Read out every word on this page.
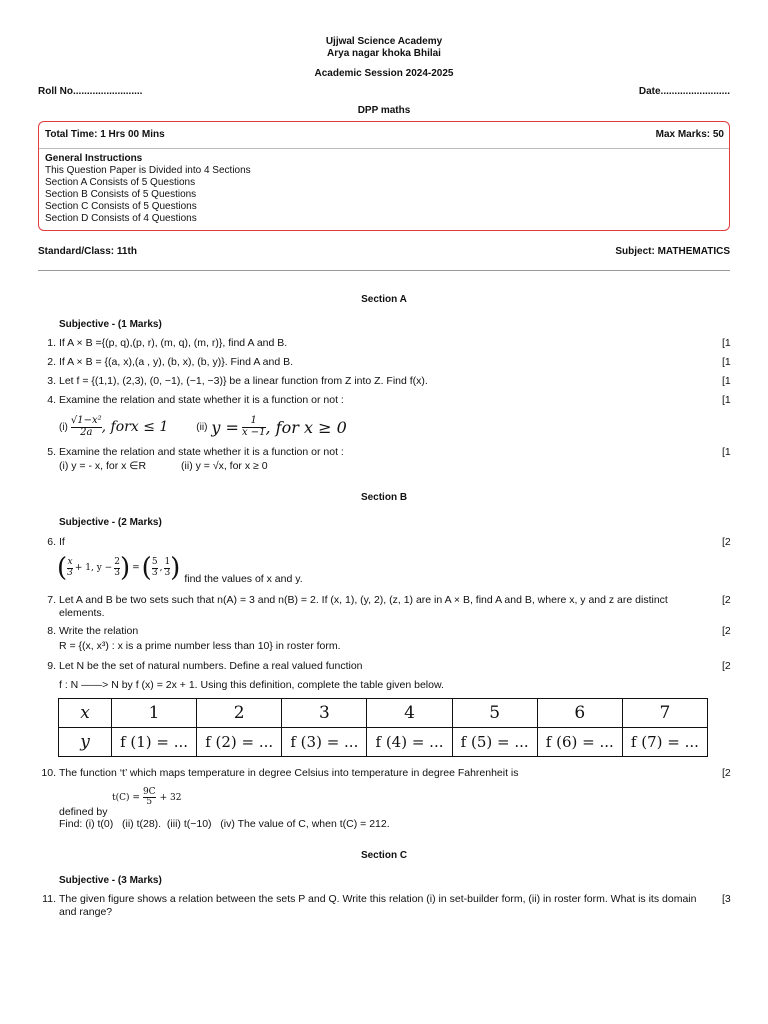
Ujjwal Science Academy
Arya nagar khoka Bhilai
Academic Session 2024-2025
Roll No.........................	Date.........................
DPP maths
Total Time: 1 Hrs 00 Mins	Max Marks: 50
General Instructions
This Question Paper is Divided into 4 Sections
Section A Consists of 5 Questions
Section B Consists of 5 Questions
Section C Consists of 5 Questions
Section D Consists of 4 Questions
Standard/Class: 11th	Subject: MATHEMATICS
Section A
Subjective - (1 Marks)
1. If A × B ={(p, q),(p, r), (m, q), (m, r)}, find A and B.	[1
2. If A × B = {(a, x),(a , y), (b, x), (b, y)}. Find A and B.	[1
3. Let f = {(1,1), (2,3), (0, −1), (−1, −3)} be a linear function from Z into Z. Find f(x).	[1
4. Examine the relation and state whether it is a function or not :	[1
$(i) \frac{\text{√1−x²}}{2a}$ , forx ≤ 1	(ii) $y = \frac{1}{x -1}$ , for x ≥ 0
5. Examine the relation and state whether it is a function or not :	[1
(i) y = - x, for x ∈R            (ii) y = √x, for x ≥ 0
Section B
Subjective - (2 Marks)
6. If	[2
( $\frac{x}{3} + 1$, $y - \frac{2}{3}$ ) = ( $\frac{5}{3}$ , $\frac{1}{3}$ ) find the values of x and y.
7. Let A and B be two sets such that n(A) = 3 and n(B) = 2. If (x, 1), (y, 2), (z, 1) are in A × B, find A and B, where x, y and z are distinct elements.
[2
8. Write the relation	[2
R = {(x, x³) : x is a prime number less than 10} in roster form.
9. Let N be the set of natural numbers. Define a real valued function	[2
f : N ——> N by f (x) = 2x + 1. Using this definition, complete the table given below.
x	1	2	3	4	5	6	7
y	f (1) = ...	f (2) = ...	f (3) = ...	f (4) = ...	f (5) = ...	f (6) = ...	f (7) = ...
10. The function ‘t’ which maps temperature in degree Celsius into temperature in degree Fahrenheit is	[2
$t(C) = \frac{9C}{5} + 32$
defined by
Find: (i) t(0)   (ii) t(28).  (iii) t(−10)   (iv) The value of C, when t(C) = 212.
Section C
Subjective - (3 Marks)
11. The given figure shows a relation between the sets P and Q. Write this relation (i) in set-builder form, (ii) in roster form. What is its domain and range?
[3
